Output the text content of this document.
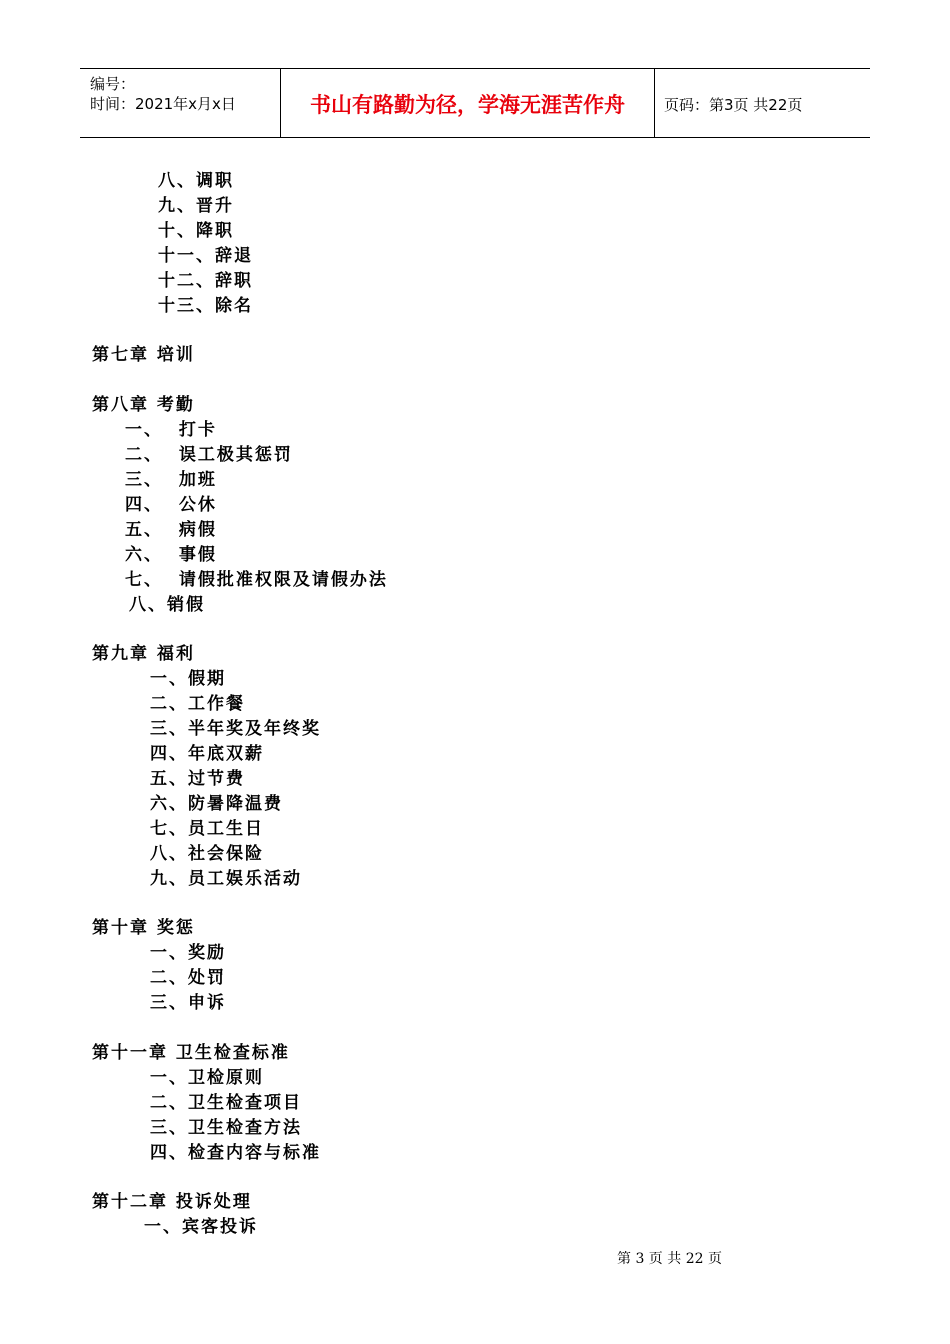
编号：
时间：2021年x月x日	书山有路勤为径，学海无涯苦作舟	页码：第3页 共22页
八、调职
九、晋升
十、降职
十一、辞退
十二、辞职
十三、除名
第七章 培训
第八章 考勤
一、  打卡
二、  误工极其惩罚
三、  加班
四、  公休
五、  病假
六、  事假
七、  请假批准权限及请假办法
八、销假
第九章 福利
一、假期
二、工作餐
三、半年奖及年终奖
四、年底双薪
五、过节费
六、防暑降温费
七、员工生日
八、社会保险
九、员工娱乐活动
第十章 奖惩
一、奖励
二、处罚
三、申诉
第十一章 卫生检查标准
一、卫检原则
二、卫生检查项目
三、卫生检查方法
四、检查内容与标准
第十二章 投诉处理
一、宾客投诉
第 3 页 共 22 页
